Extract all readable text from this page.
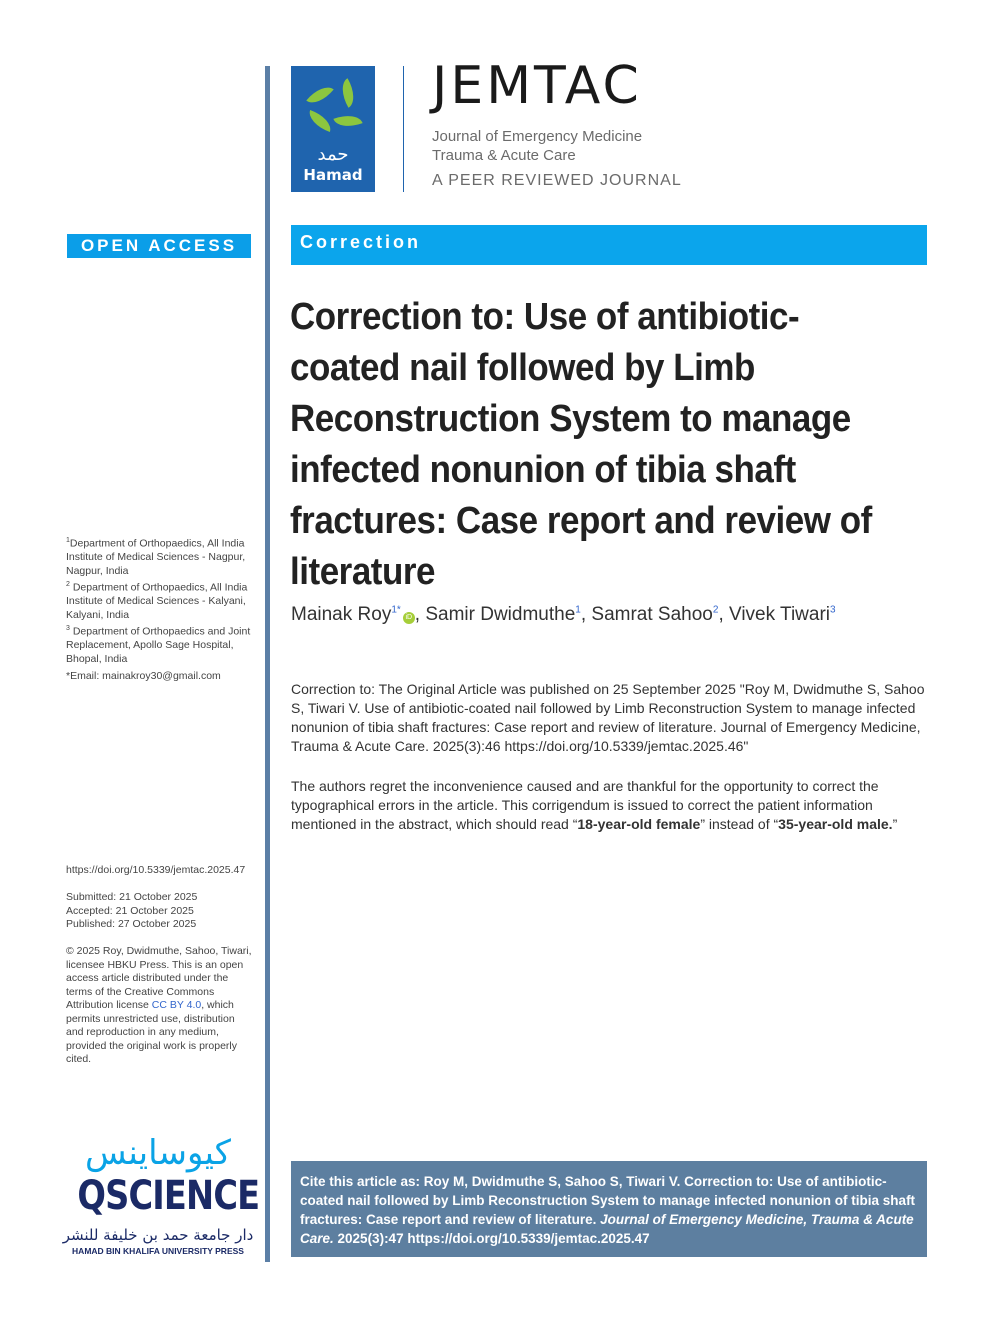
حمد
Hamad
JEMTAC
Journal of Emergency Medicine
Trauma & Acute Care
A PEER REVIEWED JOURNAL
OPEN ACCESS	Correction
Correction to: Use of antibiotic-coated nail followed by Limb Reconstruction System to manage infected nonunion of tibia shaft fractures: Case report and review of literature
Mainak Roy$^{1*}$iD , Samir Dwidmuthe$^1$, Samrat Sahoo$^2$, Vivek Tiwari$^3$
Correction to: The Original Article was published on 25 September 2025 "Roy M, Dwidmuthe S, Sahoo S, Tiwari V. Use of antibiotic-coated nail followed by Limb Reconstruction System to manage infected nonunion of tibia shaft fractures: Case report and review of literature. Journal of Emergency Medicine, Trauma & Acute Care. 2025(3):46 https://doi.org/10.5339/jemtac.2025.46"
The authors regret the inconvenience caused and are thankful for the opportunity to correct the typographical errors in the article. This corrigendum is issued to correct the patient information mentioned in the abstract, which should read “18-year-old female” instead of “35-year-old male.”
$^1$Department of Orthopaedics, All India Institute of Medical Sciences - Nagpur, Nagpur, India
$^2$ Department of Orthopaedics, All India Institute of Medical Sciences - Kalyani, Kalyani, India
$^3$ Department of Orthopaedics and Joint Replacement, Apollo Sage Hospital, Bhopal, India
*Email: mainakroy30@gmail.com
https://doi.org/10.5339/jemtac.2025.47
Submitted: 21 October 2025
Accepted: 21 October 2025
Published: 27 October 2025
© 2025 Roy, Dwidmuthe, Sahoo, Tiwari, licensee HBKU Press. This is an open access article distributed under the terms of the Creative Commons Attribution license CC BY 4.0, which permits unrestricted use, distribution and reproduction in any medium, provided the original work is properly cited.
كيوساينس
QSCIENCE
دار جامعة حمد بن خليفة للنشر
HAMAD BIN KHALIFA UNIVERSITY PRESS
Cite this article as: Roy M, Dwidmuthe S, Sahoo S, Tiwari V. Correction to: Use of antibiotic-coated nail followed by Limb Reconstruction System to manage infected nonunion of tibia shaft fractures: Case report and review of literature. Journal of Emergency Medicine, Trauma & Acute Care. 2025(3):47 https://doi.org/10.5339/jemtac.2025.47
